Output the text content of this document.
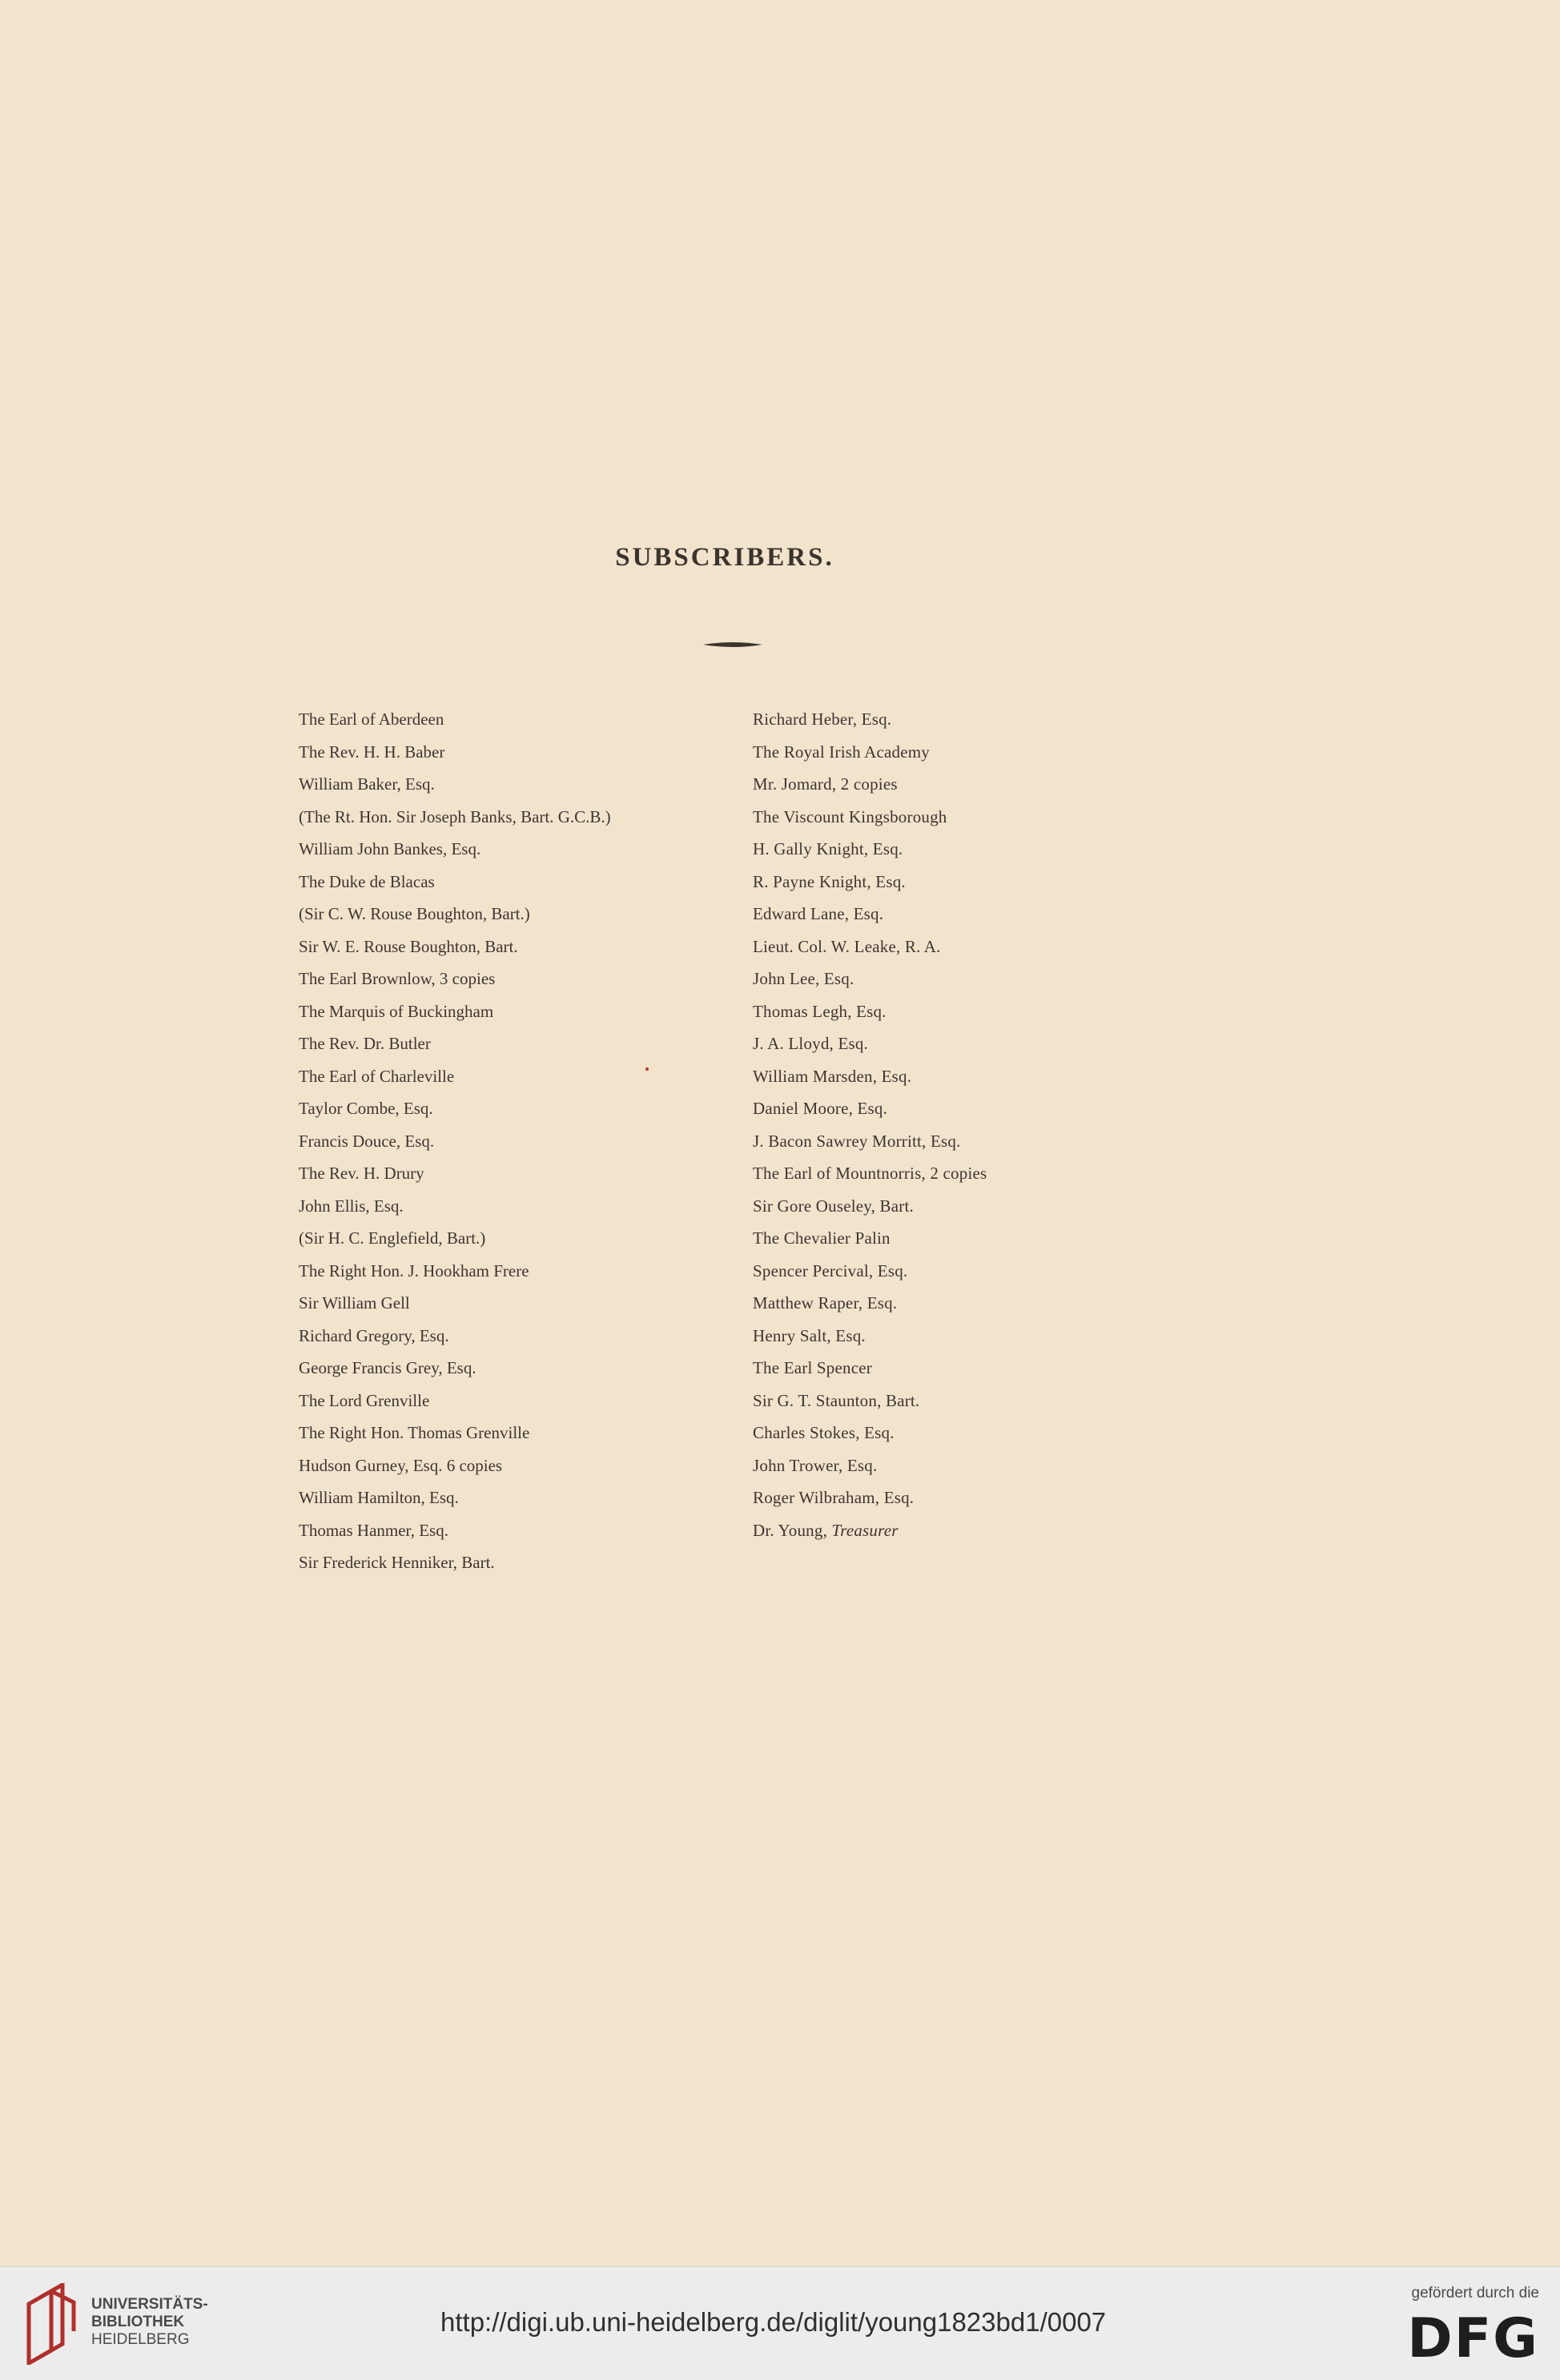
SUBSCRIBERS.
The Earl of Aberdeen
The Rev. H. H. Baber
William Baker, Esq.
(The Rt. Hon. Sir Joseph Banks, Bart. G.C.B.)
William John Bankes, Esq.
The Duke de Blacas
(Sir C. W. Rouse Boughton, Bart.)
Sir W. E. Rouse Boughton, Bart.
The Earl Brownlow, 3 copies
The Marquis of Buckingham
The Rev. Dr. Butler
The Earl of Charleville
Taylor Combe, Esq.
Francis Douce, Esq.
The Rev. H. Drury
John Ellis, Esq.
(Sir H. C. Englefield, Bart.)
The Right Hon. J. Hookham Frere
Sir William Gell
Richard Gregory, Esq.
George Francis Grey, Esq.
The Lord Grenville
The Right Hon. Thomas Grenville
Hudson Gurney, Esq. 6 copies
William Hamilton, Esq.
Thomas Hanmer, Esq.
Sir Frederick Henniker, Bart.
Richard Heber, Esq.
The Royal Irish Academy
Mr. Jomard, 2 copies
The Viscount Kingsborough
H. Gally Knight, Esq.
R. Payne Knight, Esq.
Edward Lane, Esq.
Lieut. Col. W. Leake, R. A.
John Lee, Esq.
Thomas Legh, Esq.
J. A. Lloyd, Esq.
William Marsden, Esq.
Daniel Moore, Esq.
J. Bacon Sawrey Morritt, Esq.
The Earl of Mountnorris, 2 copies
Sir Gore Ouseley, Bart.
The Chevalier Palin
Spencer Percival, Esq.
Matthew Raper, Esq.
Henry Salt, Esq.
The Earl Spencer
Sir G. T. Staunton, Bart.
Charles Stokes, Esq.
John Trower, Esq.
Roger Wilbraham, Esq.
Dr. Young, Treasurer
UNIVERSITÄTS-
BIBLIOTHEK
HEIDELBERG
http://digi.ub.uni-heidelberg.de/diglit/young1823bd1/0007
gefördert durch die
DFG
